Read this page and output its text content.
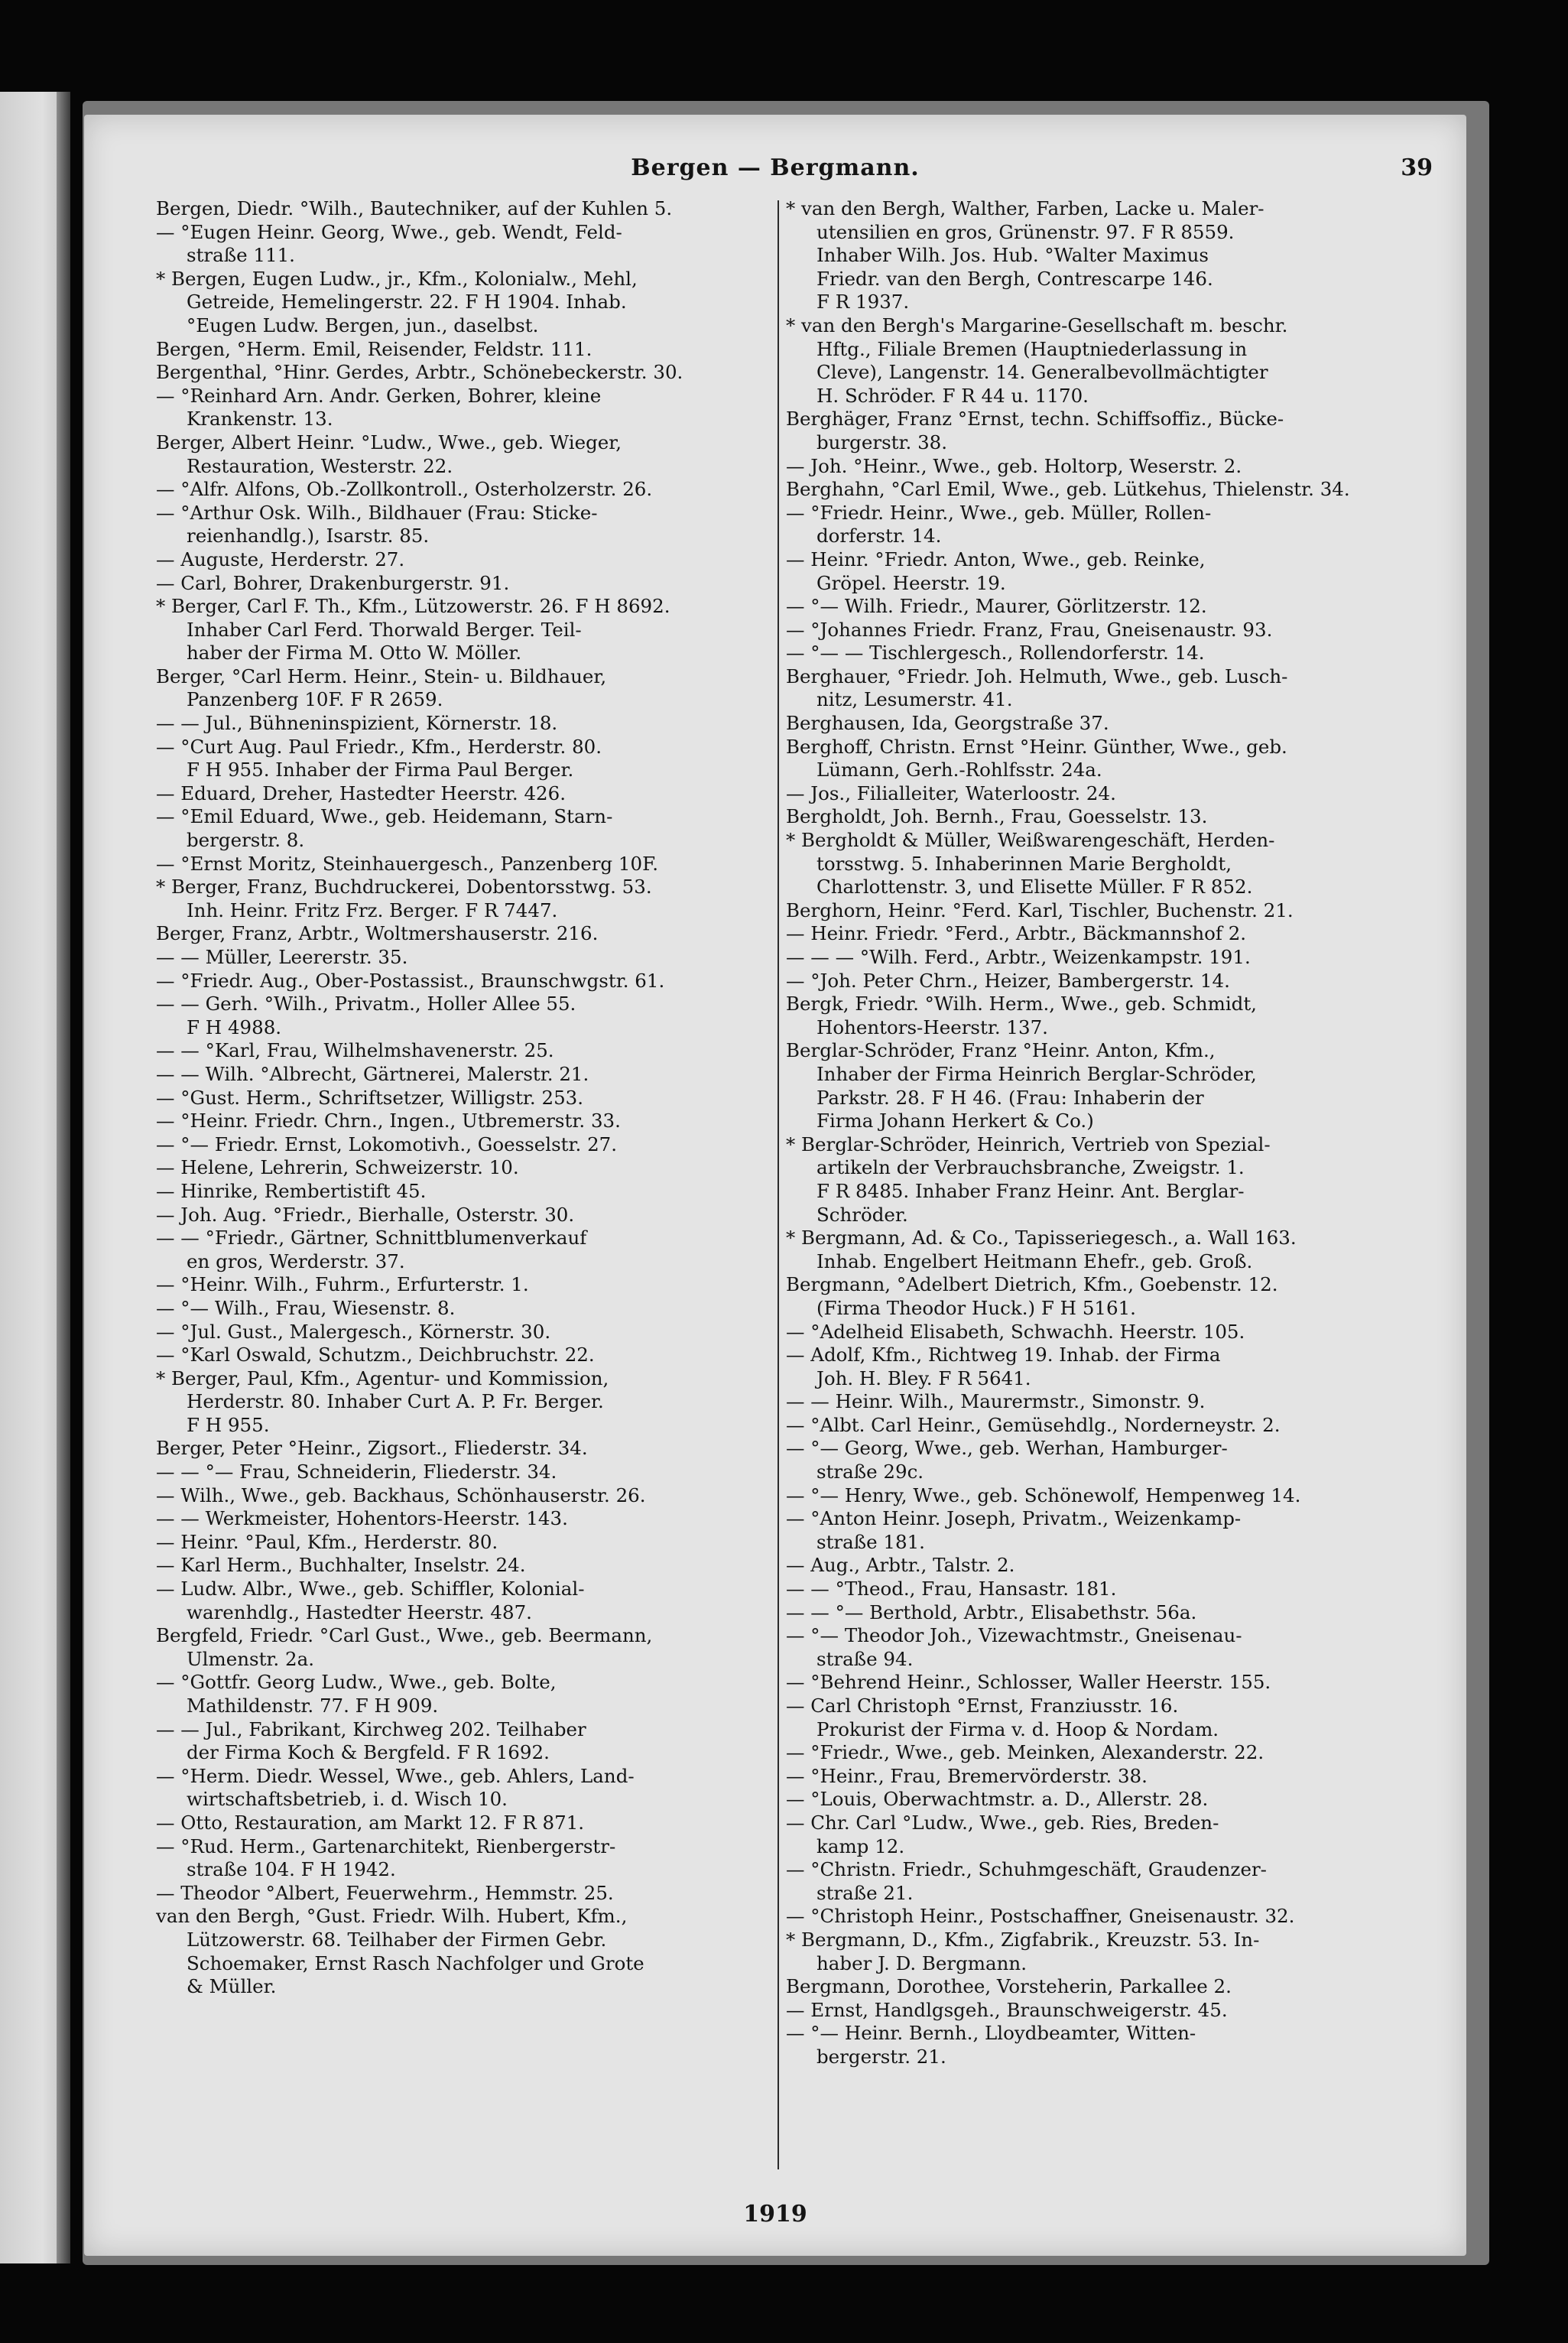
Bergen — Bergmann.	39
Bergen, Diedr. °Wilh., Bautechniker, auf der Kuhlen 5.
— °Eugen Heinr. Georg, Wwe., geb. Wendt, Feld-
straße 111.
* Bergen, Eugen Ludw., jr., Kfm., Kolonialw., Mehl,
Getreide, Hemelingerstr. 22. F H 1904. Inhab.
°Eugen Ludw. Bergen, jun., daselbst.
Bergen, °Herm. Emil, Reisender, Feldstr. 111.
Bergenthal, °Hinr. Gerdes, Arbtr., Schönebeckerstr. 30.
— °Reinhard Arn. Andr. Gerken, Bohrer, kleine
Krankenstr. 13.
Berger, Albert Heinr. °Ludw., Wwe., geb. Wieger,
Restauration, Westerstr. 22.
— °Alfr. Alfons, Ob.-Zollkontroll., Osterholzerstr. 26.
— °Arthur Osk. Wilh., Bildhauer (Frau: Sticke-
reienhandlg.), Isarstr. 85.
— Auguste, Herderstr. 27.
— Carl, Bohrer, Drakenburgerstr. 91.
* Berger, Carl F. Th., Kfm., Lützowerstr. 26. F H 8692.
Inhaber Carl Ferd. Thorwald Berger. Teil-
haber der Firma M. Otto W. Möller.
Berger, °Carl Herm. Heinr., Stein- u. Bildhauer,
Panzenberg 10F. F R 2659.
— — Jul., Bühneninspizient, Körnerstr. 18.
— °Curt Aug. Paul Friedr., Kfm., Herderstr. 80.
F H 955. Inhaber der Firma Paul Berger.
— Eduard, Dreher, Hastedter Heerstr. 426.
— °Emil Eduard, Wwe., geb. Heidemann, Starn-
bergerstr. 8.
— °Ernst Moritz, Steinhauergesch., Panzenberg 10F.
* Berger, Franz, Buchdruckerei, Dobentorsstwg. 53.
Inh. Heinr. Fritz Frz. Berger. F R 7447.
Berger, Franz, Arbtr., Woltmershauserstr. 216.
— — Müller, Leererstr. 35.
— °Friedr. Aug., Ober-Postassist., Braunschwgstr. 61.
— — Gerh. °Wilh., Privatm., Holler Allee 55.
F H 4988.
— — °Karl, Frau, Wilhelmshavenerstr. 25.
— — Wilh. °Albrecht, Gärtnerei, Malerstr. 21.
— °Gust. Herm., Schriftsetzer, Willigstr. 253.
— °Heinr. Friedr. Chrn., Ingen., Utbremerstr. 33.
— °— Friedr. Ernst, Lokomotivh., Goesselstr. 27.
— Helene, Lehrerin, Schweizerstr. 10.
— Hinrike, Rembertistift 45.
— Joh. Aug. °Friedr., Bierhalle, Osterstr. 30.
— — °Friedr., Gärtner, Schnittblumenverkauf
en gros, Werderstr. 37.
— °Heinr. Wilh., Fuhrm., Erfurterstr. 1.
— °— Wilh., Frau, Wiesenstr. 8.
— °Jul. Gust., Malergesch., Körnerstr. 30.
— °Karl Oswald, Schutzm., Deichbruchstr. 22.
* Berger, Paul, Kfm., Agentur- und Kommission,
Herderstr. 80. Inhaber Curt A. P. Fr. Berger.
F H 955.
Berger, Peter °Heinr., Zigsort., Fliederstr. 34.
— — °— Frau, Schneiderin, Fliederstr. 34.
— Wilh., Wwe., geb. Backhaus, Schönhauserstr. 26.
— — Werkmeister, Hohentors-Heerstr. 143.
— Heinr. °Paul, Kfm., Herderstr. 80.
— Karl Herm., Buchhalter, Inselstr. 24.
— Ludw. Albr., Wwe., geb. Schiffler, Kolonial-
warenhdlg., Hastedter Heerstr. 487.
Bergfeld, Friedr. °Carl Gust., Wwe., geb. Beermann,
Ulmenstr. 2a.
— °Gottfr. Georg Ludw., Wwe., geb. Bolte,
Mathildenstr. 77. F H 909.
— — Jul., Fabrikant, Kirchweg 202. Teilhaber
der Firma Koch & Bergfeld. F R 1692.
— °Herm. Diedr. Wessel, Wwe., geb. Ahlers, Land-
wirtschaftsbetrieb, i. d. Wisch 10.
— Otto, Restauration, am Markt 12. F R 871.
— °Rud. Herm., Gartenarchitekt, Rienbergerstr-
straße 104. F H 1942.
— Theodor °Albert, Feuerwehrm., Hemmstr. 25.
van den Bergh, °Gust. Friedr. Wilh. Hubert, Kfm.,
Lützowerstr. 68. Teilhaber der Firmen Gebr.
Schoemaker, Ernst Rasch Nachfolger und Grote
& Müller.
* van den Bergh, Walther, Farben, Lacke u. Maler-
utensilien en gros, Grünenstr. 97. F R 8559.
Inhaber Wilh. Jos. Hub. °Walter Maximus
Friedr. van den Bergh, Contrescarpe 146.
F R 1937.
* van den Bergh's Margarine-Gesellschaft m. beschr.
Hftg., Filiale Bremen (Hauptniederlassung in
Cleve), Langenstr. 14. Generalbevollmächtigter
H. Schröder. F R 44 u. 1170.
Berghäger, Franz °Ernst, techn. Schiffsoffiz., Bücke-
burgerstr. 38.
— Joh. °Heinr., Wwe., geb. Holtorp, Weserstr. 2.
Berghahn, °Carl Emil, Wwe., geb. Lütkehus, Thielenstr. 34.
— °Friedr. Heinr., Wwe., geb. Müller, Rollen-
dorferstr. 14.
— Heinr. °Friedr. Anton, Wwe., geb. Reinke,
Gröpel. Heerstr. 19.
— °— Wilh. Friedr., Maurer, Görlitzerstr. 12.
— °Johannes Friedr. Franz, Frau, Gneisenaustr. 93.
— °— — Tischlergesch., Rollendorferstr. 14.
Berghauer, °Friedr. Joh. Helmuth, Wwe., geb. Lusch-
nitz, Lesumerstr. 41.
Berghausen, Ida, Georgstraße 37.
Berghoff, Christn. Ernst °Heinr. Günther, Wwe., geb.
Lümann, Gerh.-Rohlfsstr. 24a.
— Jos., Filialleiter, Waterloostr. 24.
Bergholdt, Joh. Bernh., Frau, Goesselstr. 13.
* Bergholdt & Müller, Weißwarengeschäft, Herden-
torsstwg. 5. Inhaberinnen Marie Bergholdt,
Charlottenstr. 3, und Elisette Müller. F R 852.
Berghorn, Heinr. °Ferd. Karl, Tischler, Buchenstr. 21.
— Heinr. Friedr. °Ferd., Arbtr., Bäckmannshof 2.
— — — °Wilh. Ferd., Arbtr., Weizenkampstr. 191.
— °Joh. Peter Chrn., Heizer, Bambergerstr. 14.
Bergk, Friedr. °Wilh. Herm., Wwe., geb. Schmidt,
Hohentors-Heerstr. 137.
Berglar-Schröder, Franz °Heinr. Anton, Kfm.,
Inhaber der Firma Heinrich Berglar-Schröder,
Parkstr. 28. F H 46. (Frau: Inhaberin der
Firma Johann Herkert & Co.)
* Berglar-Schröder, Heinrich, Vertrieb von Spezial-
artikeln der Verbrauchsbranche, Zweigstr. 1.
F R 8485. Inhaber Franz Heinr. Ant. Berglar-
Schröder.
* Bergmann, Ad. & Co., Tapisseriegesch., a. Wall 163.
Inhab. Engelbert Heitmann Ehefr., geb. Groß.
Bergmann, °Adelbert Dietrich, Kfm., Goebenstr. 12.
(Firma Theodor Huck.) F H 5161.
— °Adelheid Elisabeth, Schwachh. Heerstr. 105.
— Adolf, Kfm., Richtweg 19. Inhab. der Firma
Joh. H. Bley. F R 5641.
— — Heinr. Wilh., Maurermstr., Simonstr. 9.
— °Albt. Carl Heinr., Gemüsehdlg., Norderneystr. 2.
— °— Georg, Wwe., geb. Werhan, Hamburger-
straße 29c.
— °— Henry, Wwe., geb. Schönewolf, Hempenweg 14.
— °Anton Heinr. Joseph, Privatm., Weizenkamp-
straße 181.
— Aug., Arbtr., Talstr. 2.
— — °Theod., Frau, Hansastr. 181.
— — °— Berthold, Arbtr., Elisabethstr. 56a.
— °— Theodor Joh., Vizewachtmstr., Gneisenau-
straße 94.
— °Behrend Heinr., Schlosser, Waller Heerstr. 155.
— Carl Christoph °Ernst, Franziusstr. 16.
Prokurist der Firma v. d. Hoop & Nordam.
— °Friedr., Wwe., geb. Meinken, Alexanderstr. 22.
— °Heinr., Frau, Bremervörderstr. 38.
— °Louis, Oberwachtmstr. a. D., Allerstr. 28.
— Chr. Carl °Ludw., Wwe., geb. Ries, Breden-
kamp 12.
— °Christn. Friedr., Schuhmgeschäft, Graudenzer-
straße 21.
— °Christoph Heinr., Postschaffner, Gneisenaustr. 32.
* Bergmann, D., Kfm., Zigfabrik., Kreuzstr. 53. In-
haber J. D. Bergmann.
Bergmann, Dorothee, Vorsteherin, Parkallee 2.
— Ernst, Handlgsgeh., Braunschweigerstr. 45.
— °— Heinr. Bernh., Lloydbeamter, Witten-
bergerstr. 21.
1919
